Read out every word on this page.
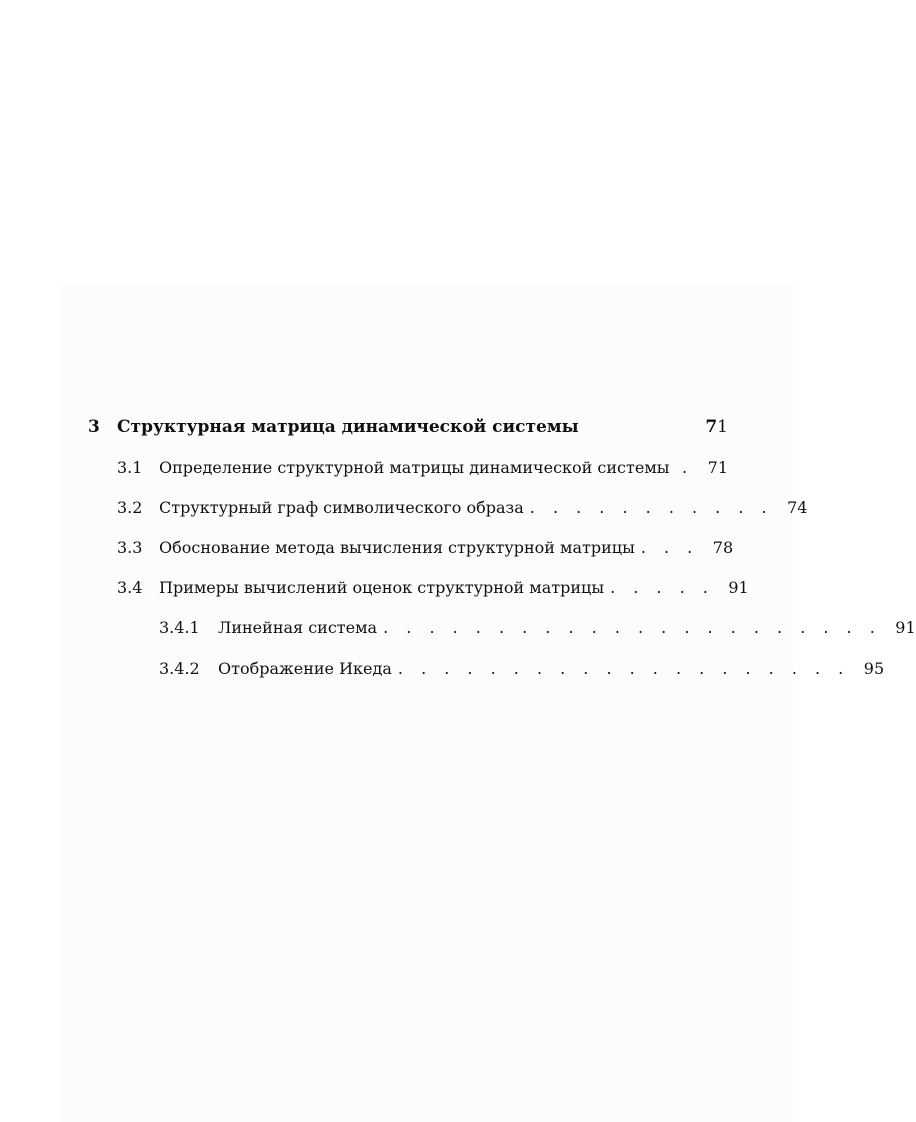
3	Структурная матрица динамической системы	71
3.1	Определение структурной матрицы динамической системы . 71
3.2	Структурный граф символического образа . . . . . . . . . . . 74
3.3	Обоснование метода вычисления структурной матрицы . . . 78
3.4	Примеры вычислений оценок структурной матрицы . . . . . 91
3.4.1	Линейная система . . . . . . . . . . . . . . . . . . . . . . 91
3.4.2	Отображение Икеда . . . . . . . . . . . . . . . . . . . . 95
